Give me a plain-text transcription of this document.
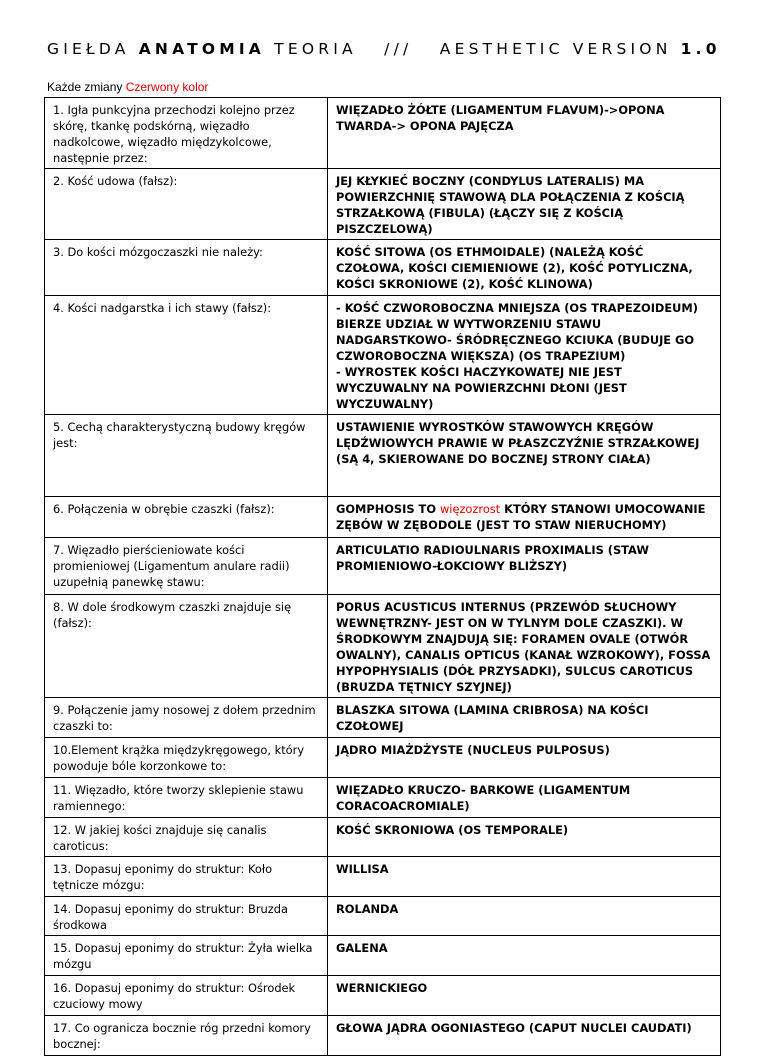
GIEŁDA ANATOMIA TEORIA   ///   AESTHETIC VERSION 1.0
Każde zmiany Czerwony kolor
1. Igła punkcyjna przechodzi kolejno przez skórę, tkankę podskórną, więzadło nadkolcowe, więzadło międzykolcowe, następnie przez:	WIĘZADŁO ŻÓŁTE (LIGAMENTUM FLAVUM)->OPONA TWARDA-> OPONA PAJĘCZA
2. Kość udowa (fałsz):	JEJ KŁYKIEĆ BOCZNY (CONDYLUS LATERALIS) MA POWIERZCHNIĘ STAWOWĄ DLA POŁĄCZENIA Z KOŚCIĄ STRZAŁKOWĄ (FIBULA) (ŁĄCZY SIĘ Z KOŚCIĄ PISZCZELOWĄ)
3. Do kości mózgoczaszki nie należy:	KOŚĆ SITOWA (OS ETHMOIDALE) (NALEŻĄ KOŚĆ CZOŁOWA, KOŚCI CIEMIENIOWE (2), KOŚĆ POTYLICZNA, KOŚCI SKRONIOWE (2), KOŚĆ KLINOWA)
4. Kości nadgarstka i ich stawy (fałsz):	- KOŚĆ CZWOROBOCZNA MNIEJSZA (OS TRAPEZOIDEUM) BIERZE UDZIAŁ W WYTWORZENIU STAWU NADGARSTKOWO- ŚRÓDRĘCZNEGO KCIUKA (BUDUJE GO CZWOROBOCZNA WIĘKSZA) (OS TRAPEZIUM)
- WYROSTEK KOŚCI HACZYKOWATEJ NIE JEST WYCZUWALNY NA POWIERZCHNI DŁONI (JEST WYCZUWALNY)

5. Cechą charakterystyczną budowy kręgów jest:	USTAWIENIE WYROSTKÓW STAWOWYCH KRĘGÓW LĘDŹWIOWYCH PRAWIE W PŁASZCZYŹNIE STRZAŁKOWEJ (SĄ 4, SKIEROWANE DO BOCZNEJ STRONY CIAŁA)
6. Połączenia w obrębie czaszki (fałsz):	GOMPHOSIS TO więzozrost KTÓRY STANOWI UMOCOWANIE ZĘBÓW W ZĘBODOLE (JEST TO STAW NIERUCHOMY)
7. Więzadło pierścieniowate kości promieniowej (Ligamentum anulare radii) uzupełnią panewkę stawu:	ARTICULATIO RADIOULNARIS PROXIMALIS (STAW PROMIENIOWO-ŁOKCIOWY BLIŻSZY)
8. W dole środkowym czaszki znajduje się (fałsz):	PORUS ACUSTICUS INTERNUS (PRZEWÓD SŁUCHOWY WEWNĘTRZNY- JEST ON W TYLNYM DOLE CZASZKI). W ŚRODKOWYM ZNAJDUJĄ SIĘ: FORAMEN OVALE (OTWÓR OWALNY), CANALIS OPTICUS (KANAŁ WZROKOWY), FOSSA HYPOPHYSIALIS (DÓŁ PRZYSADKI), SULCUS CAROTICUS (BRUZDA TĘTNICY SZYJNEJ)
9. Połączenie jamy nosowej z dołem przednim czaszki to:	BLASZKA SITOWA (LAMINA CRIBROSA) NA KOŚCI CZOŁOWEJ
10.Element krążka międzykręgowego, który powoduje bóle korzonkowe to:	JĄDRO MIAŻDŻYSTE (NUCLEUS PULPOSUS)
11. Więzadło, które tworzy sklepienie stawu ramiennego:	WIĘZADŁO KRUCZO- BARKOWE (LIGAMENTUM CORACOACROMIALE)
12. W jakiej kości znajduje się canalis caroticus:	KOŚĆ SKRONIOWA (OS TEMPORALE)
13. Dopasuj eponimy do struktur: Koło tętnicze mózgu:	WILLISA
14. Dopasuj eponimy do struktur: Bruzda środkowa	ROLANDA
15. Dopasuj eponimy do struktur: Żyła wielka mózgu	GALENA
16. Dopasuj eponimy do struktur: Ośrodek czuciowy mowy	WERNICKIEGO
17. Co ogranicza bocznie róg przedni komory bocznej:	GŁOWA JĄDRA OGONIASTEGO (CAPUT NUCLEI CAUDATI)
